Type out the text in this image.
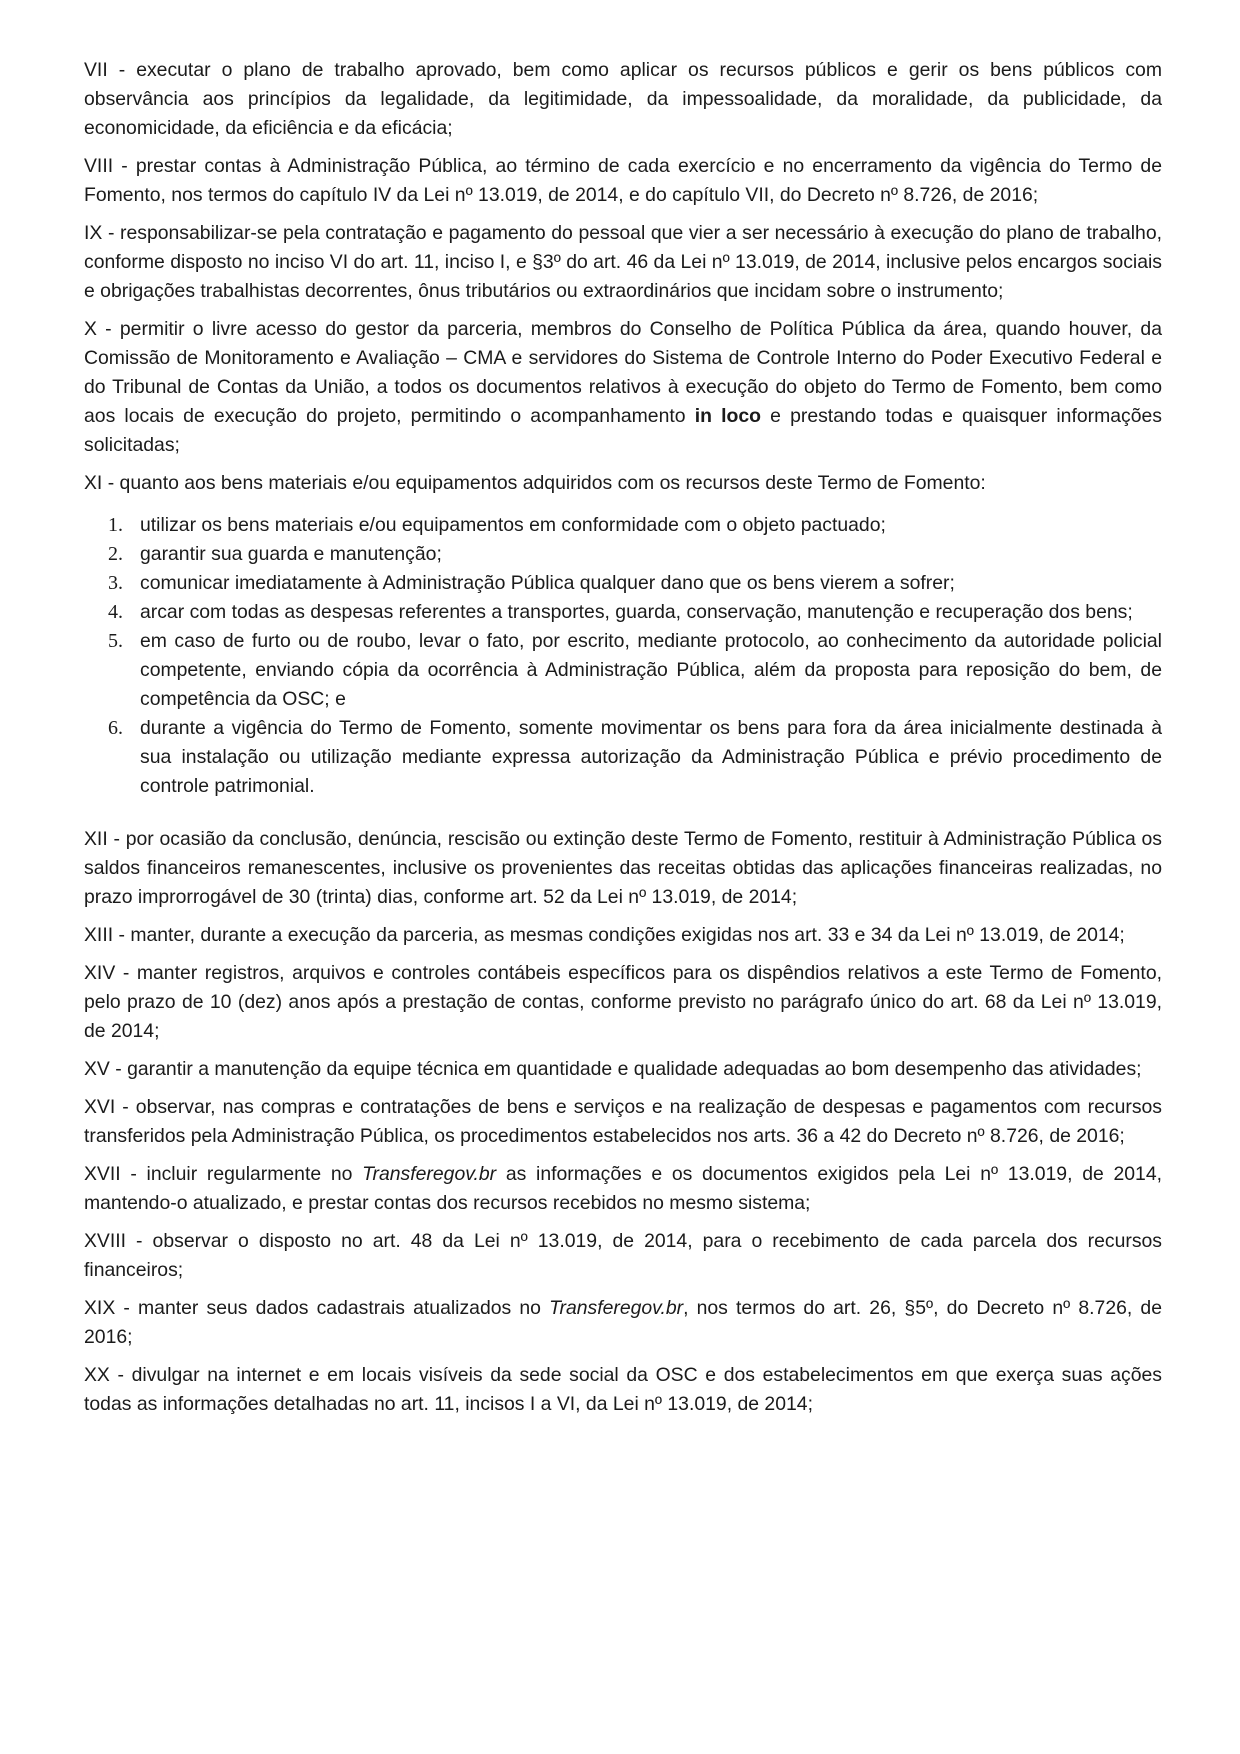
VII - executar o plano de trabalho aprovado, bem como aplicar os recursos públicos e gerir os bens públicos com observância aos princípios da legalidade, da legitimidade, da impessoalidade, da moralidade, da publicidade, da economicidade, da eficiência e da eficácia;

VIII - prestar contas à Administração Pública, ao término de cada exercício e no encerramento da vigência do Termo de Fomento, nos termos do capítulo IV da Lei nº 13.019, de 2014, e do capítulo VII, do Decreto nº 8.726, de 2016;

IX - responsabilizar-se pela contratação e pagamento do pessoal que vier a ser necessário à execução do plano de trabalho, conforme disposto no inciso VI do art. 11, inciso I, e §3º do art. 46 da Lei nº 13.019, de 2014, inclusive pelos encargos sociais e obrigações trabalhistas decorrentes, ônus tributários ou extraordinários que incidam sobre o instrumento;

X - permitir o livre acesso do gestor da parceria, membros do Conselho de Política Pública da área, quando houver, da Comissão de Monitoramento e Avaliação – CMA e servidores do Sistema de Controle Interno do Poder Executivo Federal e do Tribunal de Contas da União, a todos os documentos relativos à execução do objeto do Termo de Fomento, bem como aos locais de execução do projeto, permitindo o acompanhamento in loco e prestando todas e quaisquer informações solicitadas;

XI - quanto aos bens materiais e/ou equipamentos adquiridos com os recursos deste Termo de Fomento:

1. utilizar os bens materiais e/ou equipamentos em conformidade com o objeto pactuado;
2. garantir sua guarda e manutenção;
3. comunicar imediatamente à Administração Pública qualquer dano que os bens vierem a sofrer;
4. arcar com todas as despesas referentes a transportes, guarda, conservação, manutenção e recuperação dos bens;
5. em caso de furto ou de roubo, levar o fato, por escrito, mediante protocolo, ao conhecimento da autoridade policial competente, enviando cópia da ocorrência à Administração Pública, além da proposta para reposição do bem, de competência da OSC; e
6. durante a vigência do Termo de Fomento, somente movimentar os bens para fora da área inicialmente destinada à sua instalação ou utilização mediante expressa autorização da Administração Pública e prévio procedimento de controle patrimonial.

XII - por ocasião da conclusão, denúncia, rescisão ou extinção deste Termo de Fomento, restituir à Administração Pública os saldos financeiros remanescentes, inclusive os provenientes das receitas obtidas das aplicações financeiras realizadas, no prazo improrrogável de 30 (trinta) dias, conforme art. 52 da Lei nº 13.019, de 2014;

XIII - manter, durante a execução da parceria, as mesmas condições exigidas nos art. 33 e 34 da Lei nº 13.019, de 2014;

XIV - manter registros, arquivos e controles contábeis específicos para os dispêndios relativos a este Termo de Fomento, pelo prazo de 10 (dez) anos após a prestação de contas, conforme previsto no parágrafo único do art. 68 da Lei nº 13.019, de 2014;

XV - garantir a manutenção da equipe técnica em quantidade e qualidade adequadas ao bom desempenho das atividades;

XVI - observar, nas compras e contratações de bens e serviços e na realização de despesas e pagamentos com recursos transferidos pela Administração Pública, os procedimentos estabelecidos nos arts. 36 a 42 do Decreto nº 8.726, de 2016;

XVII - incluir regularmente no Transferegov.br as informações e os documentos exigidos pela Lei nº 13.019, de 2014, mantendo-o atualizado, e prestar contas dos recursos recebidos no mesmo sistema;

XVIII - observar o disposto no art. 48 da Lei nº 13.019, de 2014, para o recebimento de cada parcela dos recursos financeiros;

XIX - manter seus dados cadastrais atualizados no Transferegov.br, nos termos do art. 26, §5º, do Decreto nº 8.726, de 2016;

XX - divulgar na internet e em locais visíveis da sede social da OSC e dos estabelecimentos em que exerça suas ações todas as informações detalhadas no art. 11, incisos I a VI, da Lei nº 13.019, de 2014;
